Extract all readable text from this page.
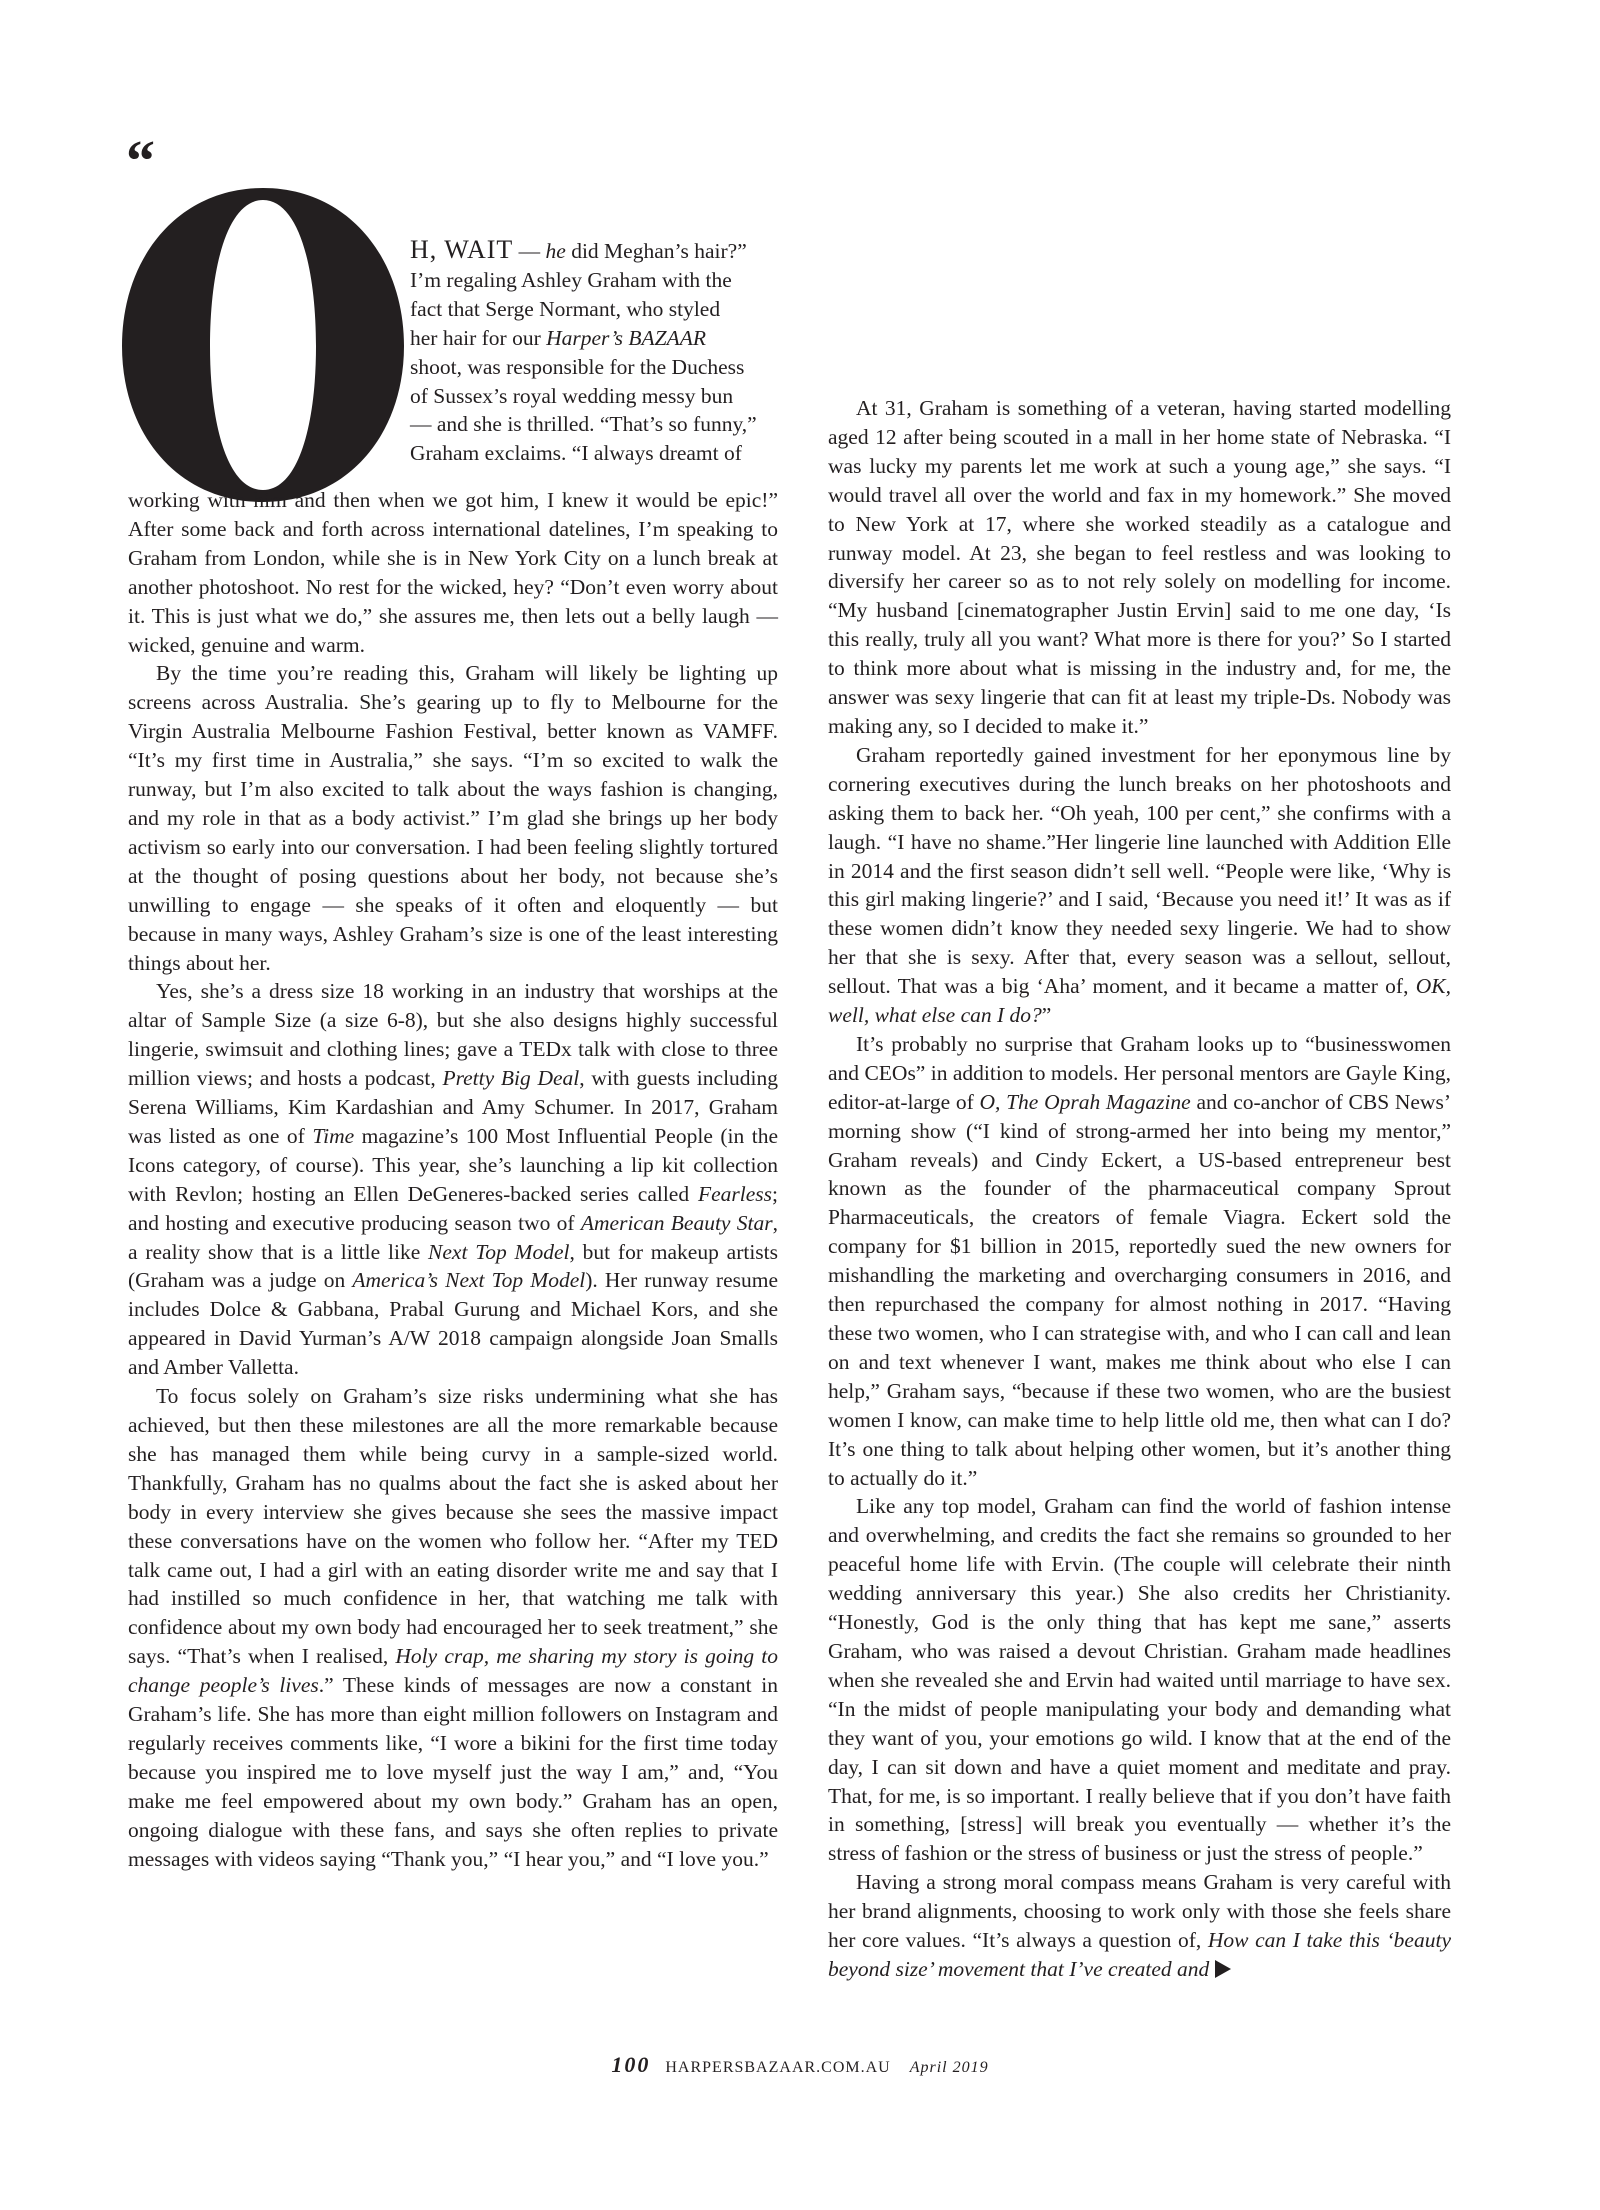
“
H, WAIT — he did Meghan’s hair?”
I’m regaling Ashley Graham with the
fact that Serge Normant, who styled
her hair for our Harper’s BAZAAR
shoot, was responsible for the Duchess
of Sussex’s royal wedding messy bun
— and she is thrilled. “That’s so funny,”
Graham exclaims. “I always dreamt of

working with him and then when we got him, I knew it would be epic!” After some back and forth across international datelines, I’m speaking to Graham from London, while she is in New York City on a lunch break at another photoshoot. No rest for the wicked, hey? “Don’t even worry about it. This is just what we do,” she assures me, then lets out a belly laugh — wicked, genuine and warm.

By the time you’re reading this, Graham will likely be lighting up screens across Australia. She’s gearing up to fly to Melbourne for the Virgin Australia Melbourne Fashion Festival, better known as VAMFF. “It’s my first time in Australia,” she says. “I’m so excited to walk the runway, but I’m also excited to talk about the ways fashion is changing, and my role in that as a body activist.” I’m glad she brings up her body activism so early into our conversation. I had been feeling slightly tortured at the thought of posing questions about her body, not because she’s unwilling to engage — she speaks of it often and eloquently — but because in many ways, Ashley Graham’s size is one of the least interesting things about her.

Yes, she’s a dress size 18 working in an industry that worships at the altar of Sample Size (a size 6-8), but she also designs highly successful lingerie, swimsuit and clothing lines; gave a TEDx talk with close to three million views; and hosts a podcast, Pretty Big Deal, with guests including Serena Williams, Kim Kardashian and Amy Schumer. In 2017, Graham was listed as one of Time magazine’s 100 Most Influential People (in the Icons category, of course). This year, she’s launching a lip kit collection with Revlon; hosting an Ellen DeGeneres-backed series called Fearless; and hosting and executive producing season two of American Beauty Star, a reality show that is a little like Next Top Model, but for makeup artists (Graham was a judge on America’s Next Top Model). Her runway resume includes Dolce & Gabbana, Prabal Gurung and Michael Kors, and she appeared in David Yurman’s A/W 2018 campaign alongside Joan Smalls and Amber Valletta.

To focus solely on Graham’s size risks undermining what she has achieved, but then these milestones are all the more remarkable because she has managed them while being curvy in a sample-sized world. Thankfully, Graham has no qualms about the fact she is asked about her body in every interview she gives because she sees the massive impact these conversations have on the women who follow her. “After my TED talk came out, I had a girl with an eating disorder write me and say that I had instilled so much confidence in her, that watching me talk with confidence about my own body had encouraged her to seek treatment,” she says. “That’s when I realised, Holy crap, me sharing my story is going to change people’s lives.” These kinds of messages are now a constant in Graham’s life. She has more than eight million followers on Instagram and regularly receives comments like, “I wore a bikini for the first time today because you inspired me to love myself just the way I am,” and, “You make me feel empowered about my own body.” Graham has an open, ongoing dialogue with these fans, and says she often replies to private messages with videos saying “Thank you,” “I hear you,” and “I love you.”

At 31, Graham is something of a veteran, having started modelling aged 12 after being scouted in a mall in her home state of Nebraska. “I was lucky my parents let me work at such a young age,” she says. “I would travel all over the world and fax in my homework.” She moved to New York at 17, where she worked steadily as a catalogue and runway model. At 23, she began to feel restless and was looking to diversify her career so as to not rely solely on modelling for income. “My husband [cinematographer Justin Ervin] said to me one day, ‘Is this really, truly all you want? What more is there for you?’ So I started to think more about what is missing in the industry and, for me, the answer was sexy lingerie that can fit at least my triple-Ds. Nobody was making any, so I decided to make it.”

Graham reportedly gained investment for her eponymous line by cornering executives during the lunch breaks on her photoshoots and asking them to back her. “Oh yeah, 100 per cent,” she confirms with a laugh. “I have no shame.”Her lingerie line launched with Addition Elle in 2014 and the first season didn’t sell well. “People were like, ‘Why is this girl making lingerie?’ and I said, ‘Because you need it!’ It was as if these women didn’t know they needed sexy lingerie. We had to show her that she is sexy. After that, every season was a sellout, sellout, sellout. That was a big ‘Aha’ moment, and it became a matter of, OK, well, what else can I do?”

It’s probably no surprise that Graham looks up to “businesswomen and CEOs” in addition to models. Her personal mentors are Gayle King, editor-at-large of O, The Oprah Magazine and co-anchor of CBS News’ morning show (“I kind of strong-armed her into being my mentor,” Graham reveals) and Cindy Eckert, a US-based entrepreneur best known as the founder of the pharmaceutical company Sprout Pharmaceuticals, the creators of female Viagra. Eckert sold the company for $1 billion in 2015, reportedly sued the new owners for mishandling the marketing and overcharging consumers in 2016, and then repurchased the company for almost nothing in 2017. “Having these two women, who I can strategise with, and who I can call and lean on and text whenever I want, makes me think about who else I can help,” Graham says, “because if these two women, who are the busiest women I know, can make time to help little old me, then what can I do? It’s one thing to talk about helping other women, but it’s another thing to actually do it.”

Like any top model, Graham can find the world of fashion intense and overwhelming, and credits the fact she remains so grounded to her peaceful home life with Ervin. (The couple will celebrate their ninth wedding anniversary this year.) She also credits her Christianity. “Honestly, God is the only thing that has kept me sane,” asserts Graham, who was raised a devout Christian. Graham made headlines when she revealed she and Ervin had waited until marriage to have sex. “In the midst of people manipulating your body and demanding what they want of you, your emotions go wild. I know that at the end of the day, I can sit down and have a quiet moment and meditate and pray. That, for me, is so important. I really believe that if you don’t have faith in something, [stress] will break you eventually — whether it’s the stress of fashion or the stress of business or just the stress of people.”

Having a strong moral compass means Graham is very careful with her brand alignments, choosing to work only with those she feels share her core values. “It’s always a question of, How can I take this ‘beauty beyond size’ movement that I’ve created and

100 HARPERSBAZAAR.COM.AU April 2019
